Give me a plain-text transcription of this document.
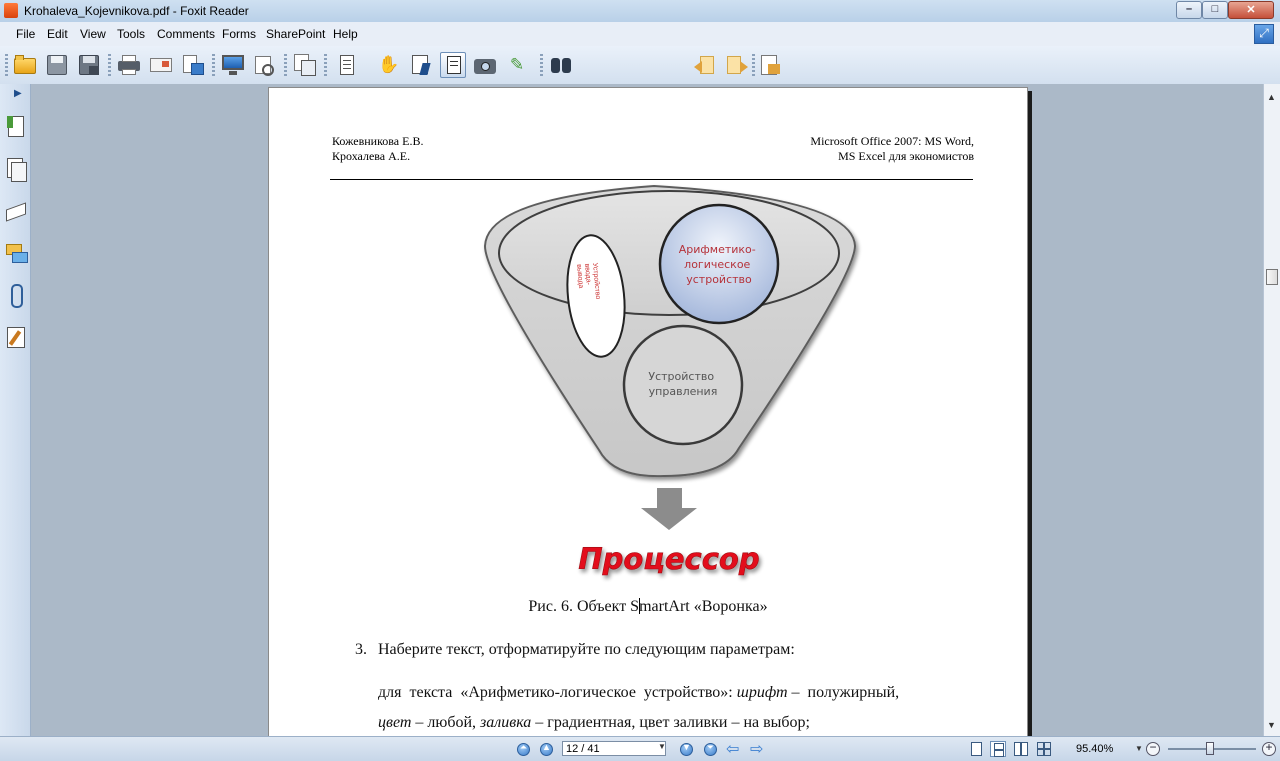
Krohaleva_Kojevnikova.pdf - Foxit Reader	–	□	✕
File Edit View Tools Comments Forms SharePoint Help	⤢
✋	✎
▶
Кожевникова Е.В.
Крохалева А.Е.
Microsoft Office 2007: MS Word,
MS Excel для экономистов
Устройство ввода- вывода
Арифметико- логическое устройство
Устройство управления
Процессор
Рис. 6. Объект SmartArt «Воронка»
3. Наберите текст, отформатируйте по следующим параметрам:
для  текста  «Арифметико-логическое  устройство»: шрифт –  полужирный,
цвет – любой, заливка – градиентная, цвет заливки – на выбор;
▲
▼
⏶ ▲
12 / 41	▼ ▼ ⏷ ⇦ ⇨	95.40%	▼ −	+
